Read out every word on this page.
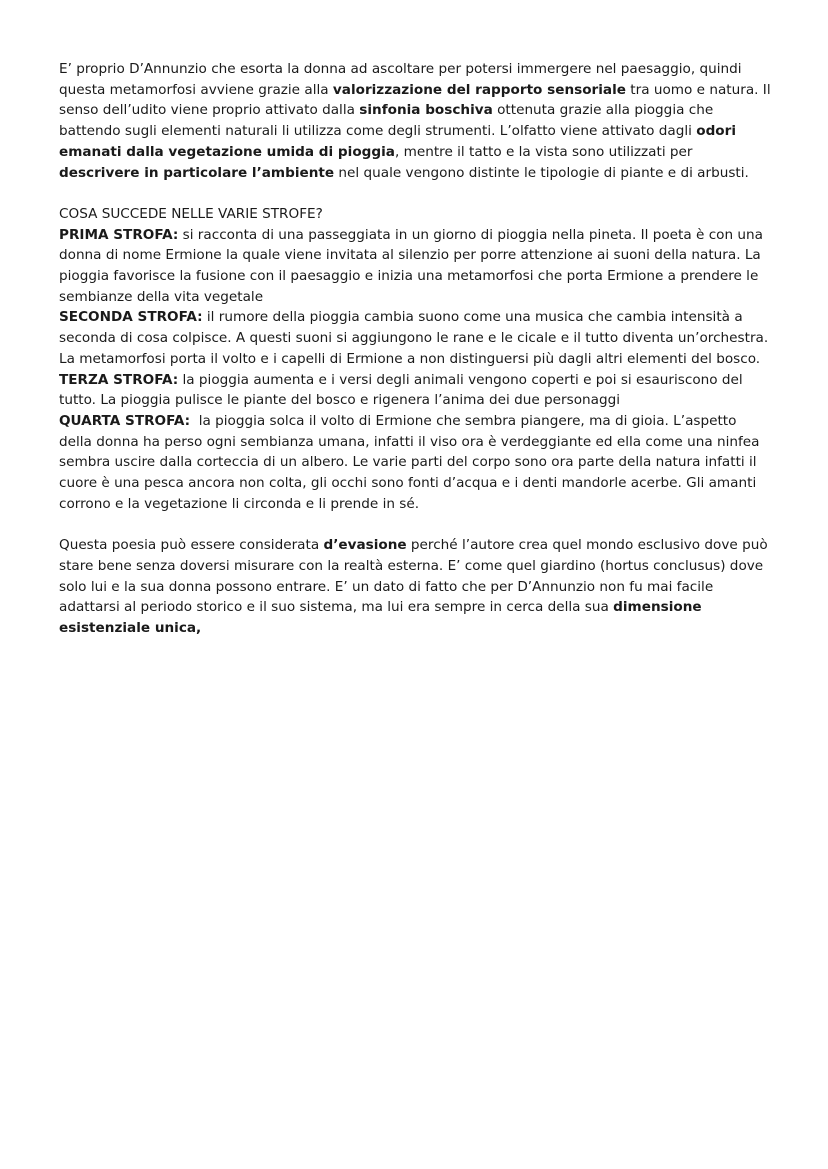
E’ proprio D’Annunzio che esorta la donna ad ascoltare per potersi immergere nel paesaggio, quindi questa metamorfosi avviene grazie alla valorizzazione del rapporto sensoriale tra uomo e natura. Il senso dell’udito viene proprio attivato dalla sinfonia boschiva ottenuta grazie alla pioggia che battendo sugli elementi naturali li utilizza come degli strumenti. L’olfatto viene attivato dagli odori emanati dalla vegetazione umida di pioggia, mentre il tatto e la vista sono utilizzati per descrivere in particolare l’ambiente nel quale vengono distinte le tipologie di piante e di arbusti.

COSA SUCCEDE NELLE VARIE STROFE?

PRIMA STROFA: si racconta di una passeggiata in un giorno di pioggia nella pineta. Il poeta è con una donna di nome Ermione la quale viene invitata al silenzio per porre attenzione ai suoni della natura. La pioggia favorisce la fusione con il paesaggio e inizia una metamorfosi che porta Ermione a prendere le sembianze della vita vegetale

SECONDA STROFA: il rumore della pioggia cambia suono come una musica che cambia intensità a seconda di cosa colpisce. A questi suoni si aggiungono le rane e le cicale e il tutto diventa un’orchestra. La metamorfosi porta il volto e i capelli di Ermione a non distinguersi più dagli altri elementi del bosco.

TERZA STROFA: la pioggia aumenta e i versi degli animali vengono coperti e poi si esauriscono del tutto. La pioggia pulisce le piante del bosco e rigenera l’anima dei due personaggi

QUARTA STROFA:  la pioggia solca il volto di Ermione che sembra piangere, ma di gioia. L’aspetto della donna ha perso ogni sembianza umana, infatti il viso ora è verdeggiante ed ella come una ninfea sembra uscire dalla corteccia di un albero. Le varie parti del corpo sono ora parte della natura infatti il cuore è una pesca ancora non colta, gli occhi sono fonti d’acqua e i denti mandorle acerbe. Gli amanti corrono e la vegetazione li circonda e li prende in sé.

Questa poesia può essere considerata d’evasione perché l’autore crea quel mondo esclusivo dove può stare bene senza doversi misurare con la realtà esterna. E’ come quel giardino (hortus conclusus) dove solo lui e la sua donna possono entrare. E’ un dato di fatto che per D’Annunzio non fu mai facile adattarsi al periodo storico e il suo sistema, ma lui era sempre in cerca della sua dimensione esistenziale unica,
